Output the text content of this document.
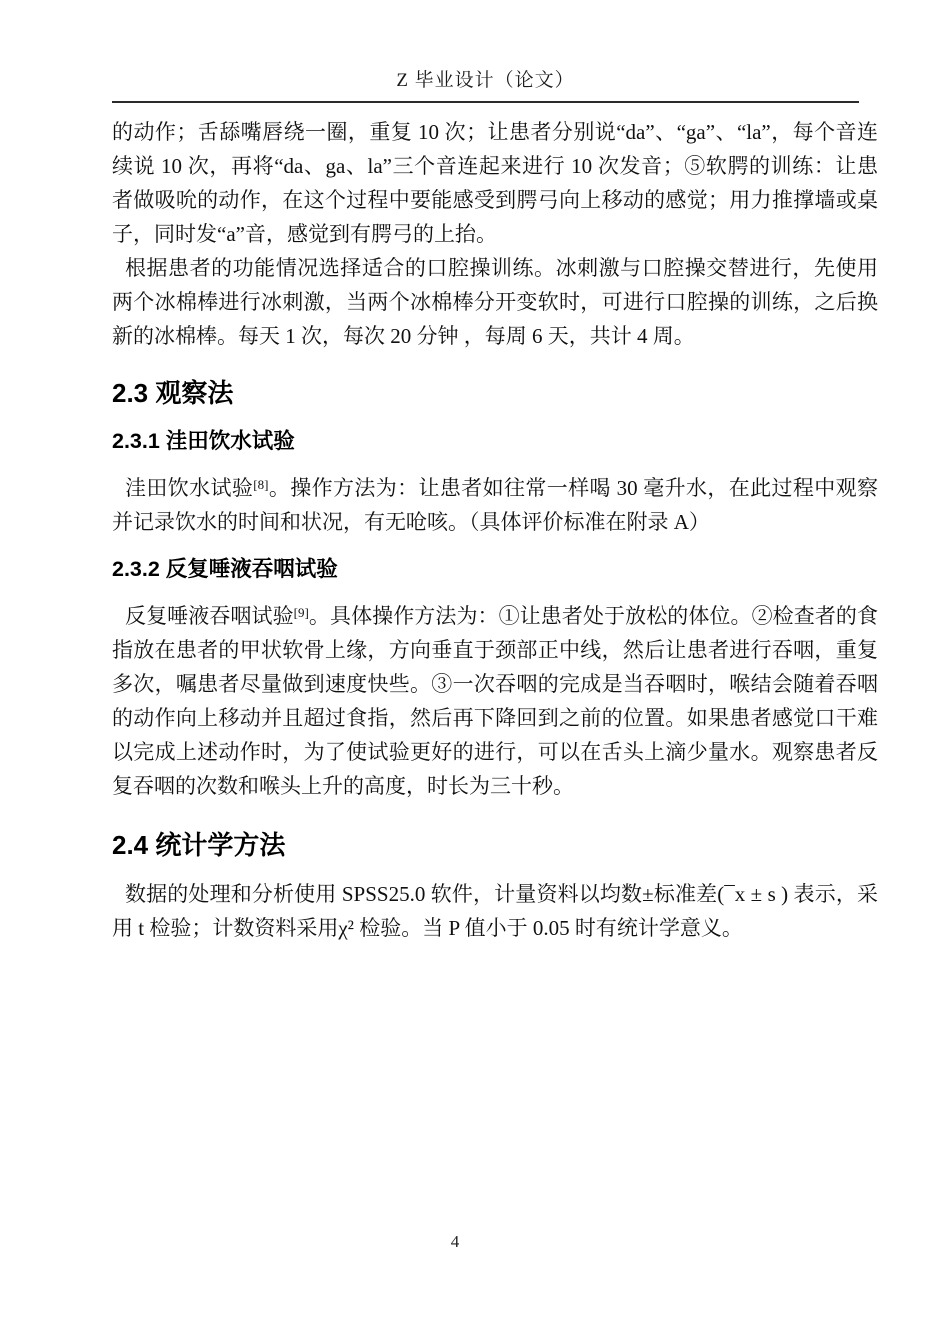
Z 毕业设计（论文）

的动作；舌舔嘴唇绕一圈，重复 10 次；让患者分别说“da”、“ga”、“la”，每个音连续说 10 次，再将“da、ga、la”三个音连起来进行 10 次发音；⑤软腭的训练：让患者做吸吮的动作，在这个过程中要能感受到腭弓向上移动的感觉；用力推撑墙或桌子，同时发“a”音，感觉到有腭弓的上抬。

根据患者的功能情况选择适合的口腔操训练。冰刺激与口腔操交替进行，先使用两个冰棉棒进行冰刺激，当两个冰棉棒分开变软时，可进行口腔操的训练，之后换新的冰棉棒。每天 1 次，每次 20 分钟 ，每周 6 天，共计 4 周。

2.3 观察法
2.3.1 洼田饮水试验

洼田饮水试验[8]。操作方法为：让患者如往常一样喝 30 毫升水，在此过程中观察并记录饮水的时间和状况，有无呛咳。（具体评价标准在附录 A）

2.3.2 反复唾液吞咽试验

反复唾液吞咽试验[9]。具体操作方法为：①让患者处于放松的体位。②检查者的食指放在患者的甲状软骨上缘，方向垂直于颈部正中线，然后让患者进行吞咽，重复多次，嘱患者尽量做到速度快些。③一次吞咽的完成是当吞咽时，喉结会随着吞咽的动作向上移动并且超过食指，然后再下降回到之前的位置。如果患者感觉口干难以完成上述动作时，为了使试验更好的进行，可以在舌头上滴少量水。观察患者反复吞咽的次数和喉头上升的高度，时长为三十秒。

2.4 统计学方法

数据的处理和分析使用 SPSS25.0 软件，计量资料以均数±标准差(¯x ± s ) 表示，采用 t 检验；计数资料采用χ² 检验。当 P 值小于 0.05 时有统计学意义。

4
